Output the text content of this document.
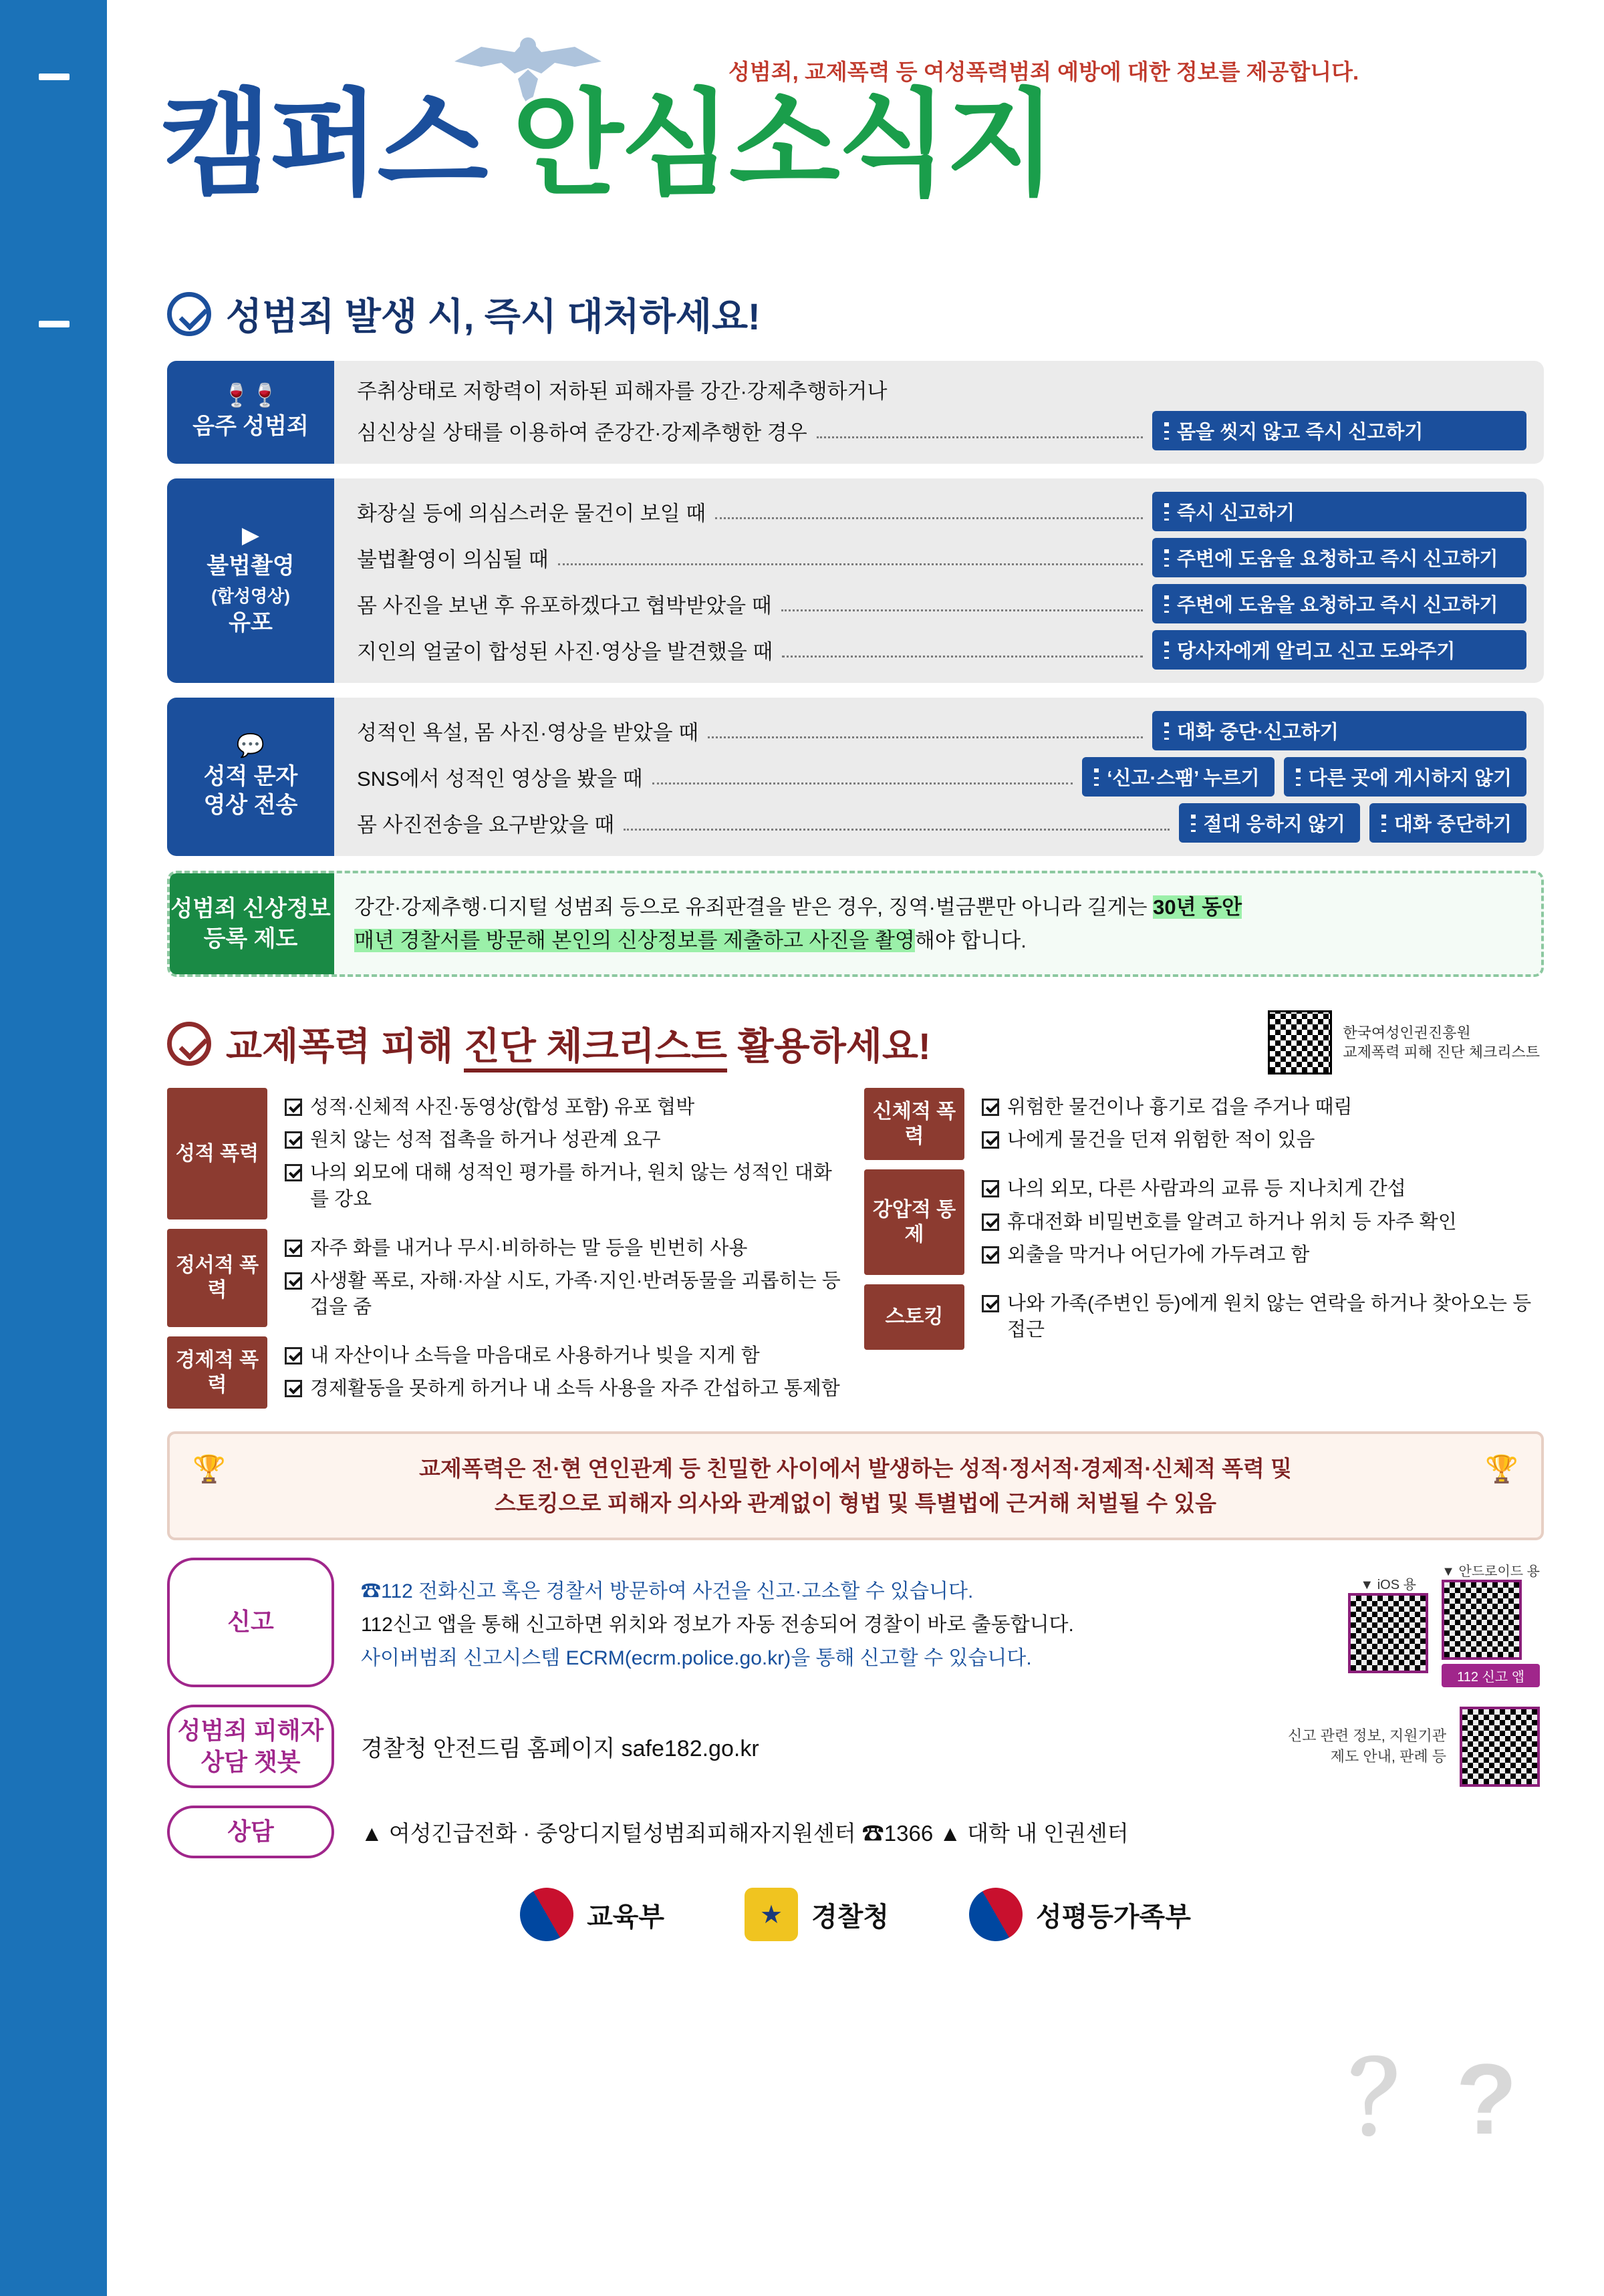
2026년 3월
성범죄, 교제폭력 등 여성폭력범죄 예방에 대한 정보를 제공합니다.
캠퍼스 안심소식지
성범죄 발생 시, 즉시 대처하세요!
🍷🍷
음주 성범죄
주취상태로 저항력이 저하된 피해자를 강간·강제추행하거나
심신상실 상태를 이용하여 준강간·강제추행한 경우	몸을 씻지 않고 즉시 신고하기
▶
불법촬영
(합성영상)
유포
화장실 등에 의심스러운 물건이 보일 때	즉시 신고하기
불법촬영이 의심될 때	주변에 도움을 요청하고 즉시 신고하기
몸 사진을 보낸 후 유포하겠다고 협박받았을 때	주변에 도움을 요청하고 즉시 신고하기
지인의 얼굴이 합성된 사진·영상을 발견했을 때	당사자에게 알리고 신고 도와주기
💬
성적 문자
영상 전송
성적인 욕설, 몸 사진·영상을 받았을 때	대화 중단·신고하기
SNS에서 성적인 영상을 봤을 때	‘신고·스팸’ 누르기	다른 곳에 게시하지 않기
몸 사진전송을 요구받았을 때	절대 응하지 않기	대화 중단하기
성범죄 신상정보 등록 제도
강간·강제추행·디지털 성범죄 등으로 유죄판결을 받은 경우, 징역·벌금뿐만 아니라 길게는 30년 동안
매년 경찰서를 방문해 본인의 신상정보를 제출하고 사진을 촬영해야 합니다.
교제폭력 피해 진단 체크리스트 활용하세요!	한국여성인권진흥원
교제폭력 피해 진단 체크리스트
성적 폭력
성적·신체적 사진·동영상(합성 포함) 유포 협박
원치 않는 성적 접촉을 하거나 성관계 요구
나의 외모에 대해 성적인 평가를 하거나, 원치 않는 성적인 대화를 강요
정서적 폭력
자주 화를 내거나 무시·비하하는 말 등을 빈번히 사용
사생활 폭로, 자해·자살 시도, 가족·지인·반려동물을 괴롭히는 등 겁을 줌
경제적 폭력
내 자산이나 소득을 마음대로 사용하거나 빚을 지게 함
경제활동을 못하게 하거나 내 소득 사용을 자주 간섭하고 통제함
신체적 폭력
위험한 물건이나 흉기로 겁을 주거나 때림
나에게 물건을 던져 위험한 적이 있음
강압적 통제
나의 외모, 다른 사람과의 교류 등 지나치게 간섭
휴대전화 비밀번호를 알려고 하거나 위치 등 자주 확인
외출을 막거나 어딘가에 가두려고 함
스토킹
나와 가족(주변인 등)에게 원치 않는 연락을 하거나 찾아오는 등 접근
🏆	🏆
교제폭력은 전·현 연인관계 등 친밀한 사이에서 발생하는 성적·정서적·경제적·신체적 폭력 및
스토킹으로 피해자 의사와 관계없이 형법 및 특별법에 근거해 처벌될 수 있음
신고
☎112 전화신고 혹은 경찰서 방문하여 사건을 신고·고소할 수 있습니다.
112신고 앱을 통해 신고하면 위치와 정보가 자동 전송되어 경찰이 바로 출동합니다.
사이버범죄 신고시스템 ECRM(ecrm.police.go.kr)을 통해 신고할 수 있습니다.
▼ iOS 용
▼ 안드로이드 용
112 신고 앱
성범죄 피해자 상담 챗봇	경찰청 안전드림 홈페이지 safe182.go.kr
신고 관련 정보, 지원기관
제도 안내, 판례 등
상담	▲ 여성긴급전화 · 중앙디지털성범죄피해자지원센터 ☎1366 ▲ 대학 내 인권센터
교육부	★	경찰청	성평등가족부
？?
